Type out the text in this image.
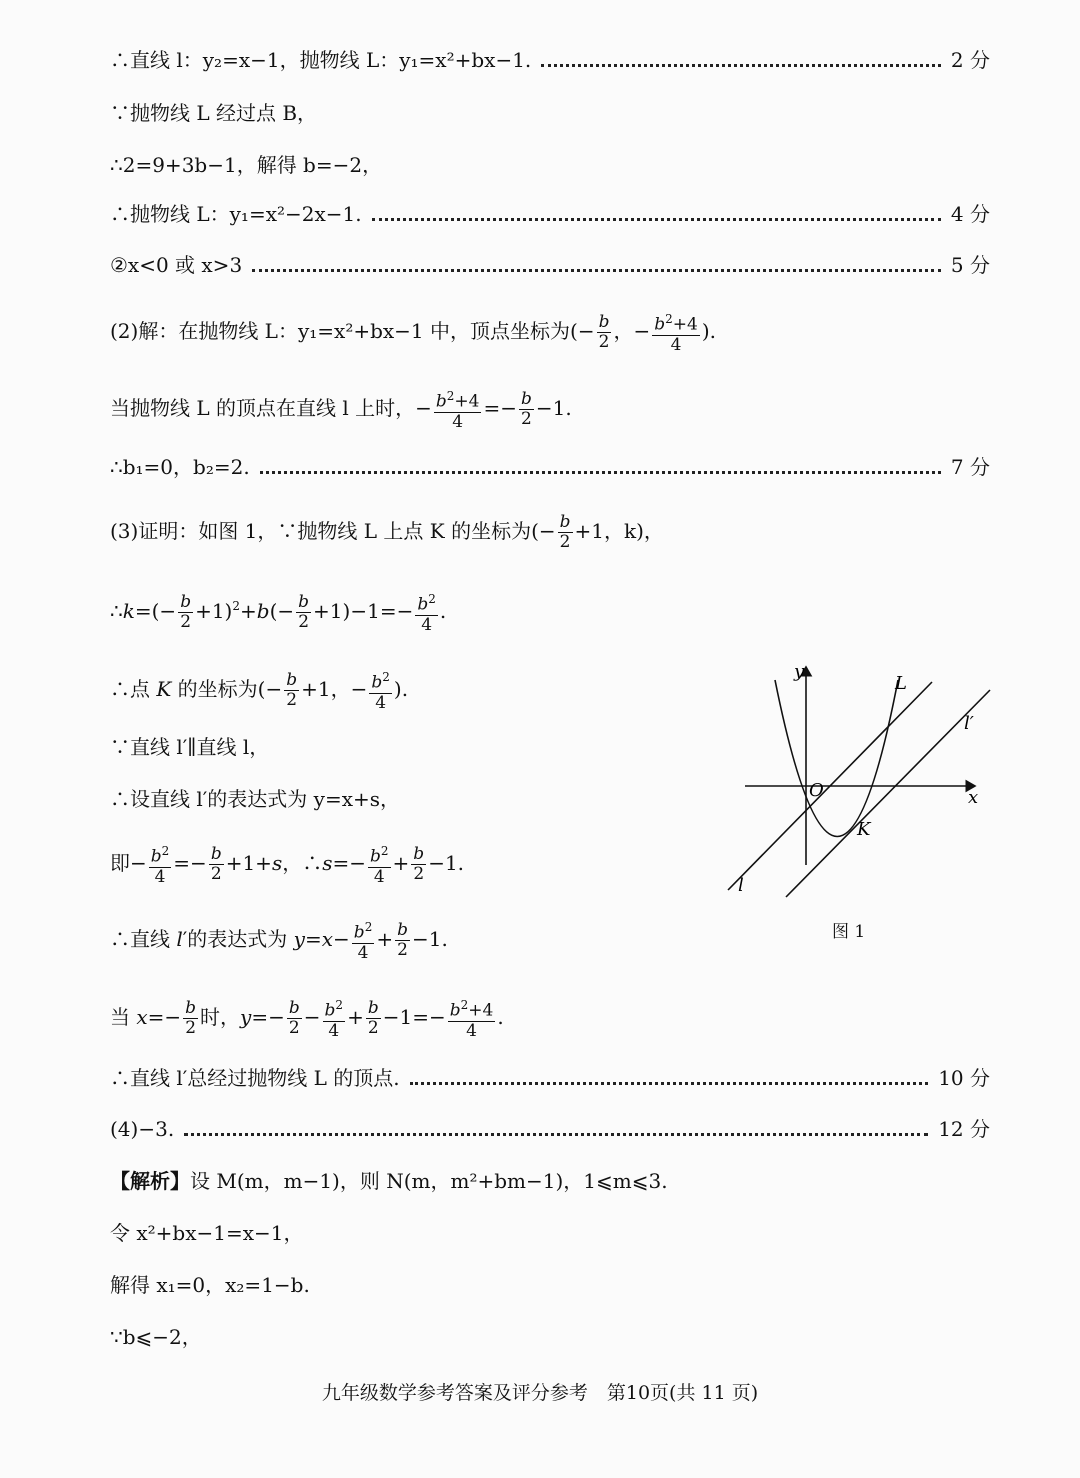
∴直线 l：y₂=x−1，抛物线 L：y₁=x²+bx−1.	2 分
∵抛物线 L 经过点 B，
∴2=9+3b−1，解得 b=−2，
∴抛物线 L：y₁=x²−2x−1.	4 分
②x<0 或 x>3	5 分
(2)解：在抛物线 L：y₁=x²+bx−1 中，顶点坐标为(− $\frac{b}{2}$ ，− $\frac{b^2+4}{4}$ ).
当抛物线 L 的顶点在直线 l 上时，− $\frac{b^2+4}{4} =- \frac{b}{2} -1$.
∴b₁=0，b₂=2.	7 分
(3)证明：如图 1，∵抛物线 L 上点 K 的坐标为(− $\frac{b}{2} +1$，k)，
∴k=(− $\frac{b}{2} +1)^2+b(- \frac{b}{2} +1)-1=- \frac{b^2}{4}$ .
∴点 K 的坐标为(− $\frac{b}{2} +1$，− $\frac{b^2}{4}$ ).
∵直线 l′∥直线 l，
∴设直线 l′的表达式为 y=x+s，
即− $\frac{b^2}{4} =- \frac{b}{2} +1+s$，∴s=− $\frac{b^2}{4} + \frac{b}{2} -1$.
∴直线 l′的表达式为 $y=x- \frac{b^2}{4} + \frac{b}{2} -1$.
当 $x=- \frac{b}{2}$ 时，$y=- \frac{b}{2} - \frac{b^2}{4} + \frac{b}{2} -1=- \frac{b^2+4}{4}$ .
∴直线 l′总经过抛物线 L 的顶点.	10 分
(4)−3.	12 分
【解析】设 M(m，m−1)，则 N(m，m²+bm−1)，1⩽m⩽3.
令 x²+bx−1=x−1，
解得 x₁=0，x₂=1−b.
∵b⩽−2，
y
x
O
L
l′
l
K
图 1
九年级数学参考答案及评分参考　第10页(共 11 页)
